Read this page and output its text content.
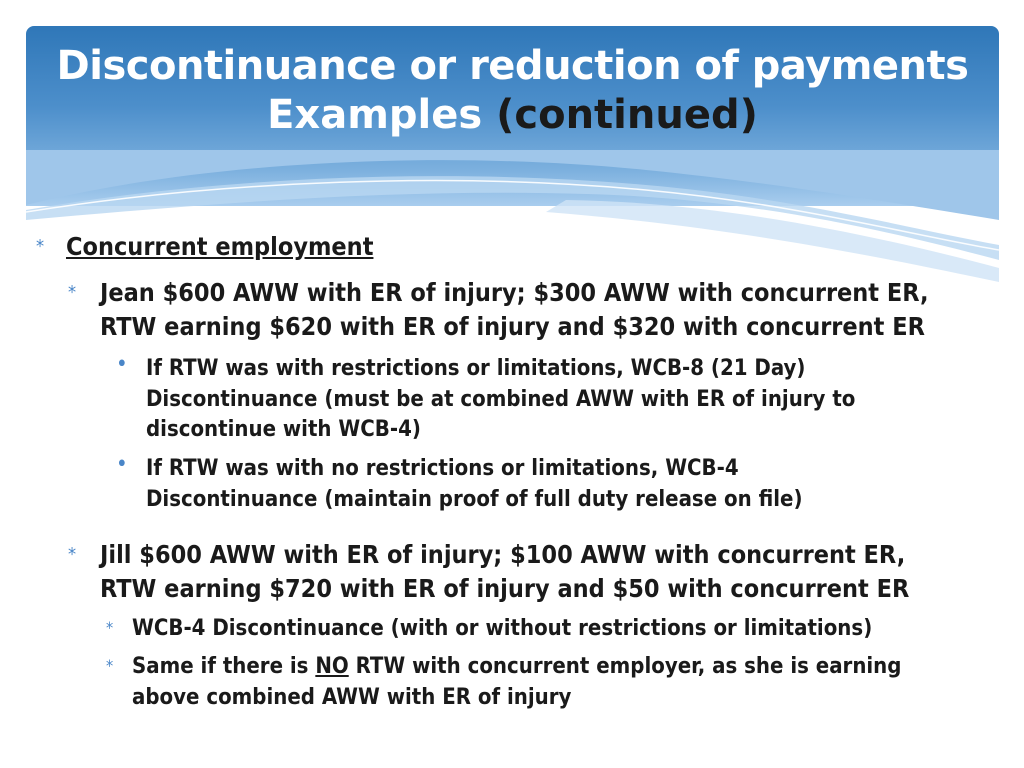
Discontinuance or reduction of payments
Examples (continued)
* Concurrent employment
* Jean $600 AWW with ER of injury; $300 AWW with concurrent ER,
RTW earning $620 with ER of injury and $320 with concurrent ER
• If RTW was with restrictions or limitations, WCB-8 (21 Day)
Discontinuance (must be at combined AWW with ER of injury to
discontinue with WCB-4)
• If RTW was with no restrictions or limitations, WCB-4
Discontinuance (maintain proof of full duty release on file)
* Jill $600 AWW with ER of injury; $100 AWW with concurrent ER,
RTW earning $720 with ER of injury and $50 with concurrent ER
* WCB-4 Discontinuance (with or without restrictions or limitations)
* Same if there is NO RTW with concurrent employer, as she is earning
above combined AWW with ER of injury
